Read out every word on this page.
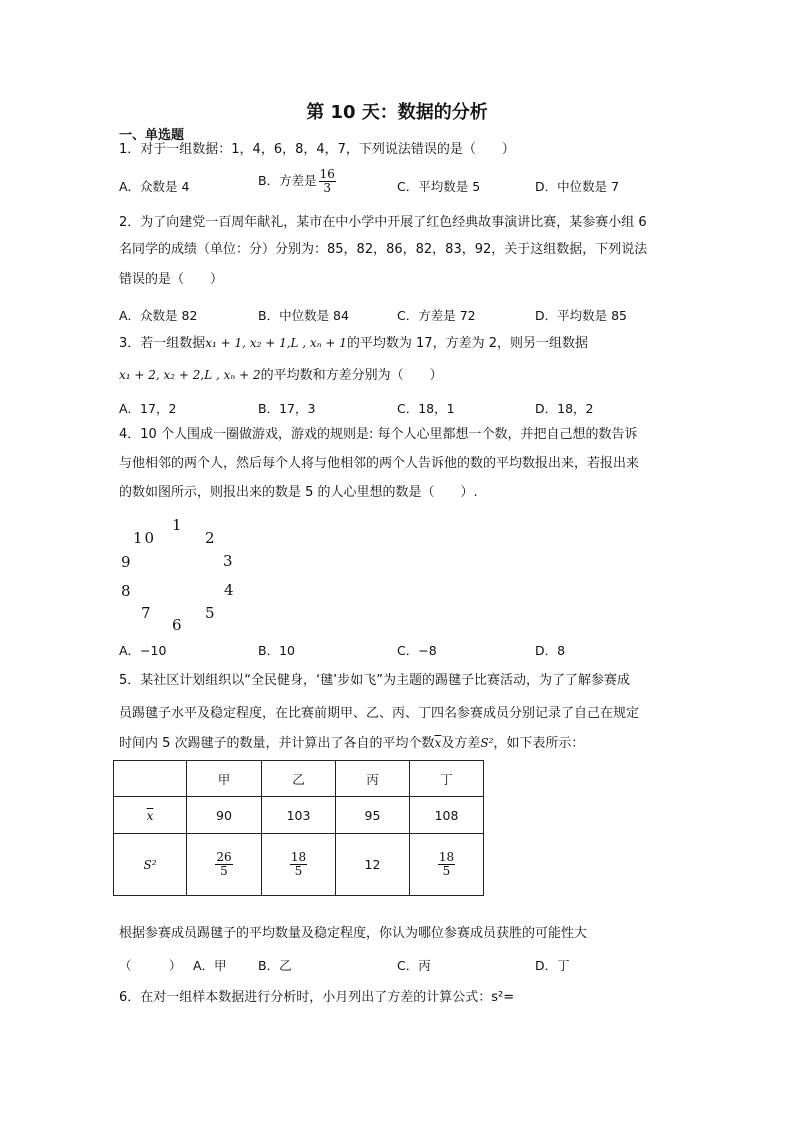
第 10 天：数据的分析
一、单选题
1．对于一组数据：1，4，6，8，4，7，下列说法错误的是（　　）
A．众数是 4	B．方差是 $\frac{16}{3}$	C．平均数是 5	D．中位数是 7
2．为了向建党一百周年献礼，某市在中小学中开展了红色经典故事演讲比赛，某参赛小组 6
名同学的成绩（单位：分）分别为：85，82，86，82，83，92，关于这组数据，下列说法
错误的是（　　）
A．众数是 82	B．中位数是 84	C．方差是 72	D．平均数是 85
3．若一组数据x₁ + 1, x₂ + 1,L , xₙ + 1的平均数为 17，方差为 2，则另一组数据
x₁ + 2, x₂ + 2,L , xₙ + 2的平均数和方差分别为（　　）
A．17，2	B．17，3	C．18，1	D．18，2
4．10 个人围成一圈做游戏，游戏的规则是: 每个人心里都想一个数，并把自己想的数告诉
与他相邻的两个人，然后每个人将与他相邻的两个人告诉他的数的平均数报出来，若报出来
的数如图所示，则报出来的数是 5 的人心里想的数是（　　）.
1
2
3
4
5
6
7
8
9
10
A．−10	B．10	C．−8	D．8
5．某社区计划组织以“全民健身，‘毽’步如飞”为主题的踢毽子比赛活动，为了了解参赛成
员踢毽子水平及稳定程度，在比赛前期甲、乙、丙、丁四名参赛成员分别记录了自己在规定
时间内 5 次踢毽子的数量，并计算出了各自的平均个数$\overline{x}$及方差S²，如下表所示：
	甲	乙	丙	丁
$\overline{x}$	90	103	95	108
S²	$\frac{26}{5}$	$\frac{18}{5}$	12	$\frac{18}{5}$
根据参赛成员踢毽子的平均数量及稳定程度，你认为哪位参赛成员获胜的可能性大
（　　　） A．甲	B．乙	C．丙	D．丁
6．在对一组样本数据进行分析时，小月列出了方差的计算公式：s²=
